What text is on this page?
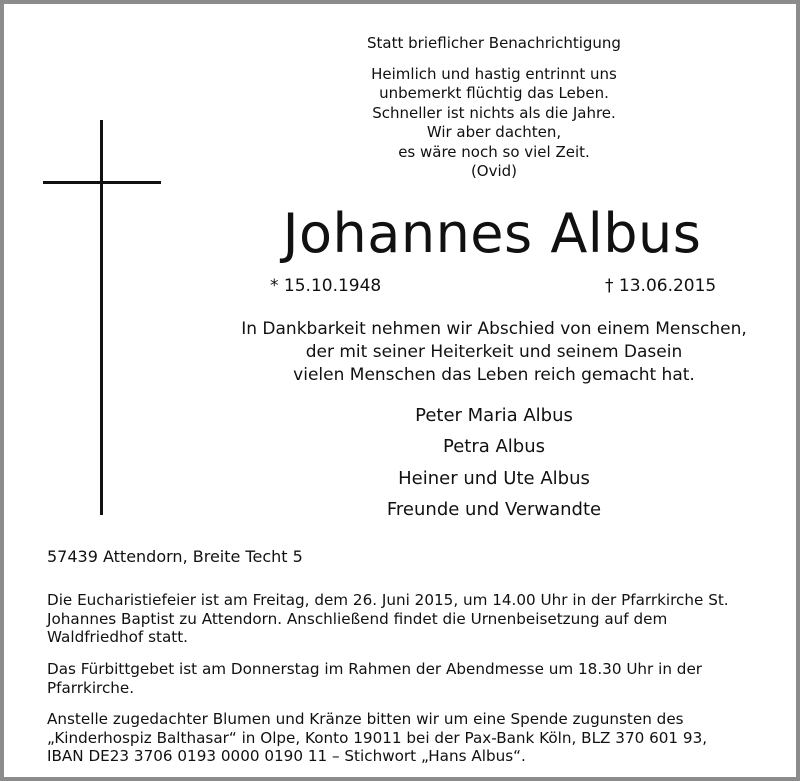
Statt brieflicher Benachrichtigung
Heimlich und hastig entrinnt uns
unbemerkt flüchtig das Leben.
Schneller ist nichts als die Jahre.
Wir aber dachten,
es wäre noch so viel Zeit.
(Ovid)
Johannes Albus
* 15.10.1948	† 13.06.2015
In Dankbarkeit nehmen wir Abschied von einem Menschen,
der mit seiner Heiterkeit und seinem Dasein
vielen Menschen das Leben reich gemacht hat.
Peter Maria Albus
Petra Albus
Heiner und Ute Albus
Freunde und Verwandte
57439 Attendorn, Breite Techt 5
Die Eucharistiefeier ist am Freitag, dem 26. Juni 2015, um 14.00 Uhr in der Pfarrkirche St.
Johannes Baptist zu Attendorn. Anschließend findet die Urnenbeisetzung auf dem
Waldfriedhof statt.
Das Fürbittgebet ist am Donnerstag im Rahmen der Abendmesse um 18.30 Uhr in der
Pfarrkirche.
Anstelle zugedachter Blumen und Kränze bitten wir um eine Spende zugunsten des
„Kinderhospiz Balthasar“ in Olpe, Konto 19011 bei der Pax-Bank Köln, BLZ 370 601 93,
IBAN DE23 3706 0193 0000 0190 11 – Stichwort „Hans Albus“.
